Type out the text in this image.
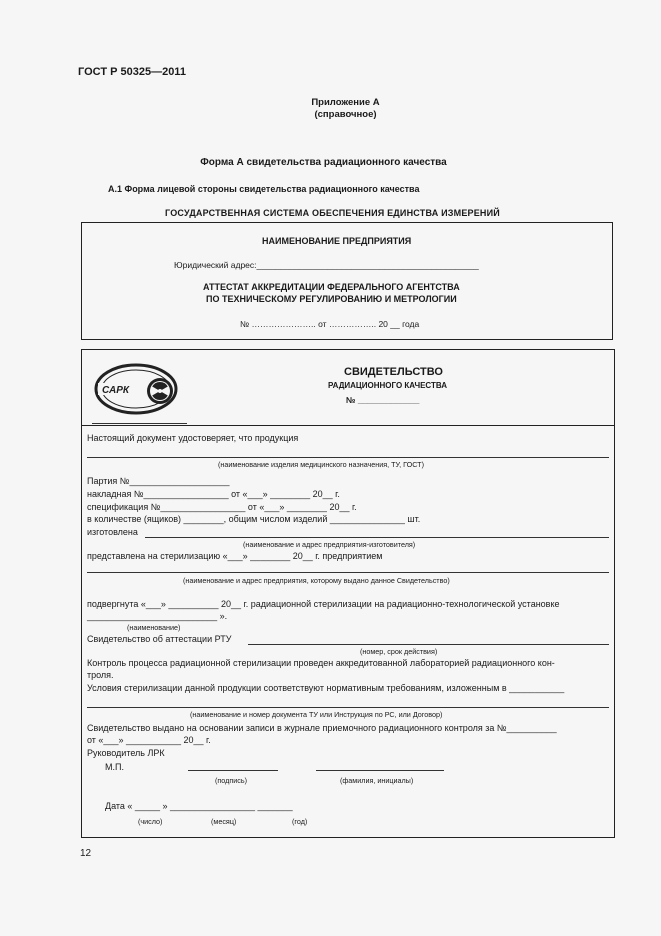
ГОСТ Р 50325—2011
Приложение А
(справочное)
Форма А свидетельства радиационного качества
А.1 Форма лицевой стороны свидетельства радиационного качества
ГОСУДАРСТВЕННАЯ СИСТЕМА ОБЕСПЕЧЕНИЯ ЕДИНСТВА ИЗМЕРЕНИЙ
НАИМЕНОВАНИЕ ПРЕДПРИЯТИЯ
Юридический адрес:_______________________________________________
АТТЕСТАТ АККРЕДИТАЦИИ ФЕДЕРАЛЬНОГО АГЕНТСТВА
ПО ТЕХНИЧЕСКОМУ РЕГУЛИРОВАНИЮ И МЕТРОЛОГИИ
№ ………………….. от …………….. 20 __ года
САРК
СВИДЕТЕЛЬСТВО
РАДИАЦИОННОГО КАЧЕСТВА
№ _____________
Настоящий документ удостоверяет, что продукция
(наименование изделия медицинского назначения, ТУ, ГОСТ)
Партия №____________________
накладная №_________________ от «___» ________ 20__ г.
спецификация №_________________ от «___» ________ 20__ г.
в количестве (ящиков) ________, общим числом изделий _______________ шт.
изготовлена
(наименование и адрес предприятия-изготовителя)
представлена на стерилизацию «___» ________ 20__ г. предприятием
(наименование и адрес предприятия, которому выдано данное Свидетельство)
подвергнута «___» __________ 20__ г. радиационной стерилизации на радиационно-технологической установке
__________________________ ».
(наименование)
Свидетельство об аттестации РТУ
(номер, срок действия)
Контроль процесса радиационной стерилизации проведен аккредитованной лабораторией радиационного кон-
троля.
Условия стерилизации данной продукции соответствуют нормативным требованиям, изложенным в ___________
(наименование и номер документа ТУ или Инструкция по РС, или Договор)
Свидетельство выдано на основании записи в журнале приемочного радиационного контроля за №__________
от «___» ___________ 20__ г.
Руководитель ЛРК
М.П.
(подпись)	(фамилия, инициалы)
Дата « _____ » _________________ _______
(число)	(месяц)	(год)
12
